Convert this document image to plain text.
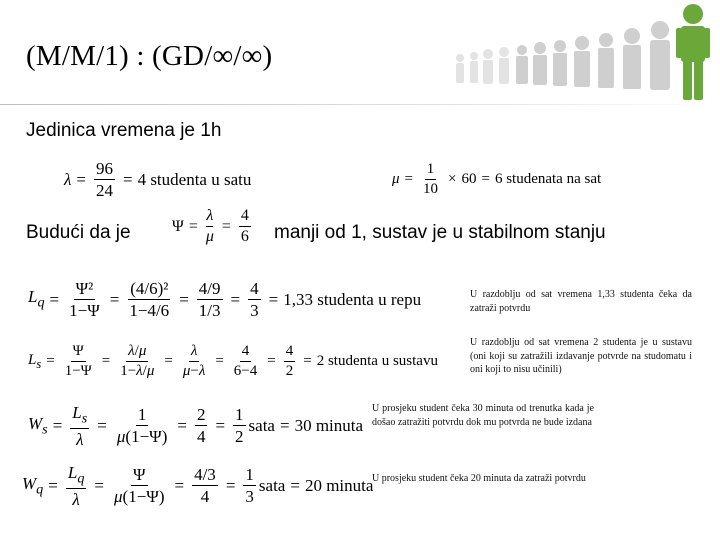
(M/M/1) : (GD/∞/∞)
Jedinica vremena je 1h
$\lambda = \frac{96}{24} = 4$
studenta u satu	$\mu = \frac{1}{10} \times 60 = 6$
studenata na sat
Budući da je	$\Psi = \frac{\lambda}{\mu} = \frac{4}{6}$ manji od 1, sustav je u stabilnom stanju
$L_q = \frac{\text{Ψ²}}{1-\Psi} = \frac{\text{(4/6)²}}{1-4/6} = \frac{4/9}{1/3} = \frac{4}{3} = 1,33$
studenta u repu	U razdoblju od sat vremena 1,33 studenta čeka da zatraži potvrdu
$L_s = \frac{\Psi}{1-\Psi} = \frac{\lambda/\mu}{1-\lambda/\mu} = \frac{\lambda}{\mu-\lambda} = \frac{4}{6-4} = \frac{4}{2} = 2$
studenta u sustavu
U razdoblju od sat vremena 2 studenta je u sustavu (oni koji su zatražili izdavanje potvrde na studomatu i oni koji to nisu učinili)
$W_s = \frac{L_s}{\lambda} = \frac{1}{\mu(1-\Psi)} = \frac{2}{4} = \frac{1}{2}$ sata = 30
minuta
U prosjeku student čeka 30 minuta od trenutka kada je došao zatražiti potvrdu dok mu potvrda ne bude izdana
$W_q = \frac{L_q}{\lambda} = \frac{\Psi}{\mu(1-\Psi)} = \frac{4/3}{4} = \frac{1}{3}$ sata = 20
minuta
U prosjeku student čeka 20 minuta da zatraži potvrdu
